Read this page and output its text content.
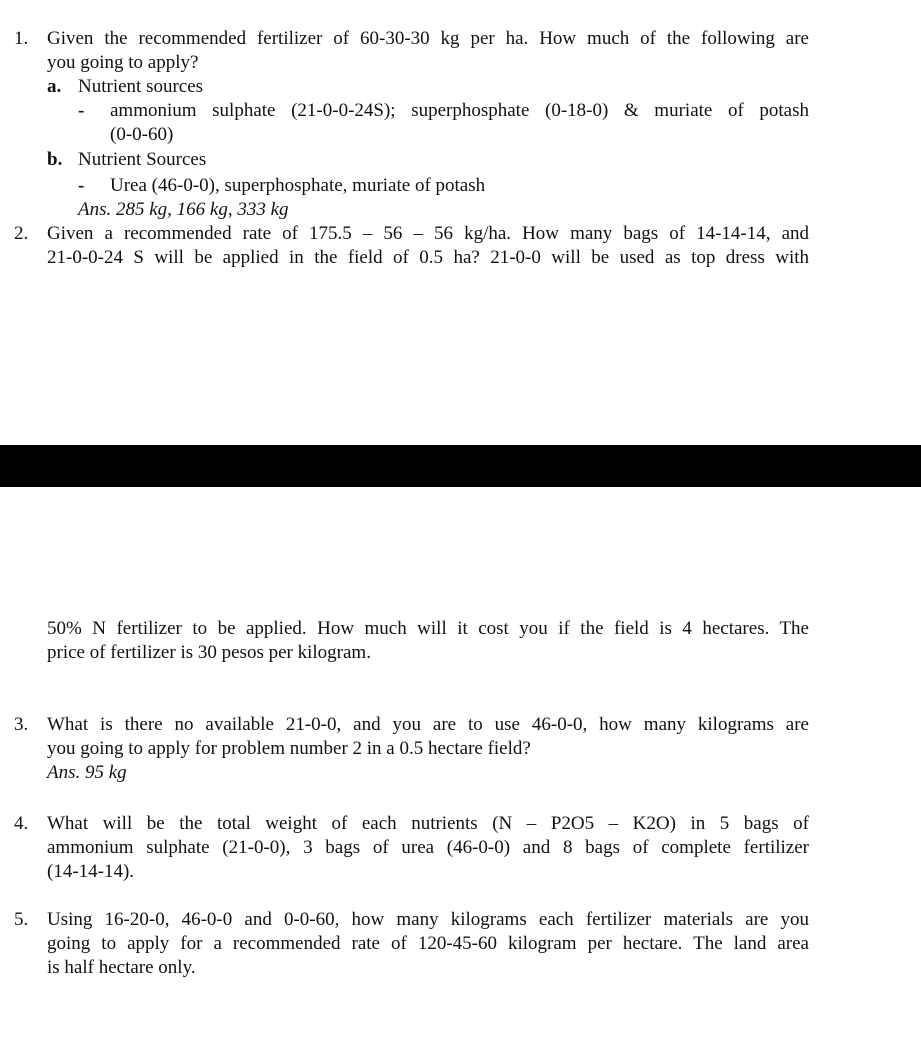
1. Given the recommended fertilizer of 60-30-30 kg per ha. How much of the following are
you going to apply?
a. Nutrient sources
- ammonium sulphate (21-0-0-24S); superphosphate (0-18-0) & muriate of potash
(0-0-60)
b. Nutrient Sources
- Urea (46-0-0), superphosphate, muriate of potash
Ans. 285 kg, 166 kg, 333 kg
2. Given a recommended rate of 175.5 – 56 – 56 kg/ha. How many bags of 14-14-14, and
21-0-0-24 S will be applied in the field of 0.5 ha? 21-0-0 will be used as top dress with
50% N fertilizer to be applied. How much will it cost you if the field is 4 hectares. The
price of fertilizer is 30 pesos per kilogram.
3. What is there no available 21-0-0, and you are to use 46-0-0, how many kilograms are
you going to apply for problem number 2 in a 0.5 hectare field?
Ans. 95 kg
4. What will be the total weight of each nutrients (N – P2O5 – K2O) in 5 bags of
ammonium sulphate (21-0-0), 3 bags of urea (46-0-0) and 8 bags of complete fertilizer
(14-14-14).
5. Using 16-20-0, 46-0-0 and 0-0-60, how many kilograms each fertilizer materials are you
going to apply for a recommended rate of 120-45-60 kilogram per hectare. The land area
is half hectare only.
